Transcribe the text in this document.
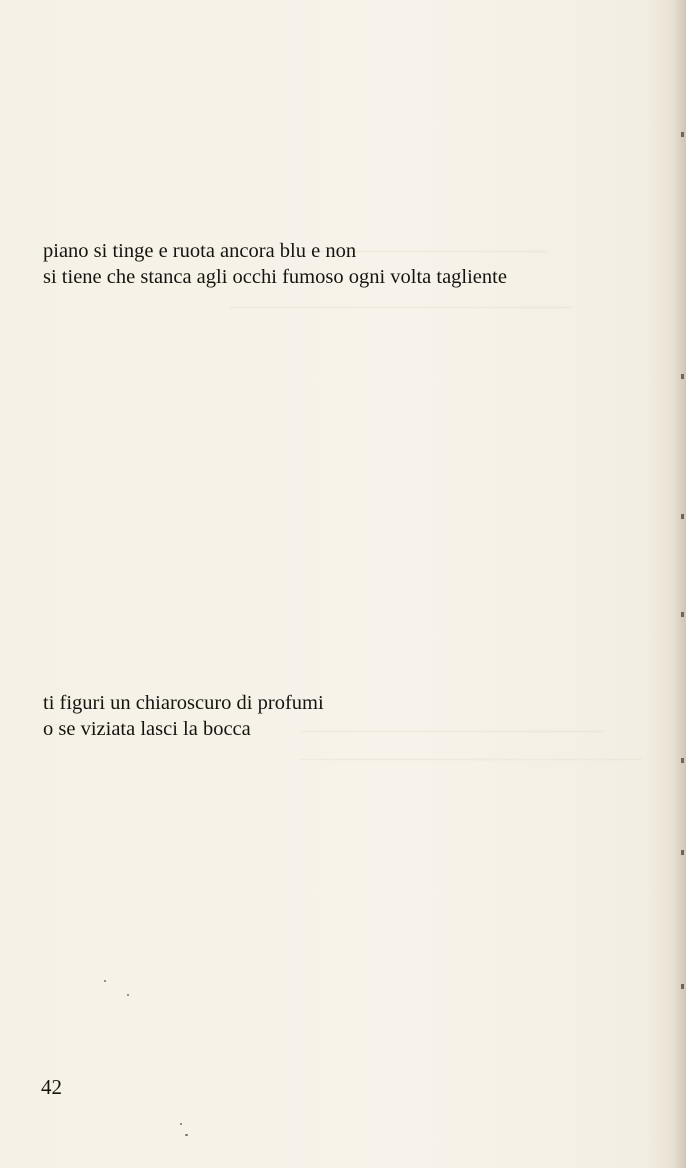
—————————————
——————————————————
————————————————
——————————————————
piano si tinge e ruota ancora blu e non
si tiene che stanca agli occhi fumoso ogni volta tagliente
ti figuri un chiaroscuro di profumi
o se viziata lasci la bocca
42
